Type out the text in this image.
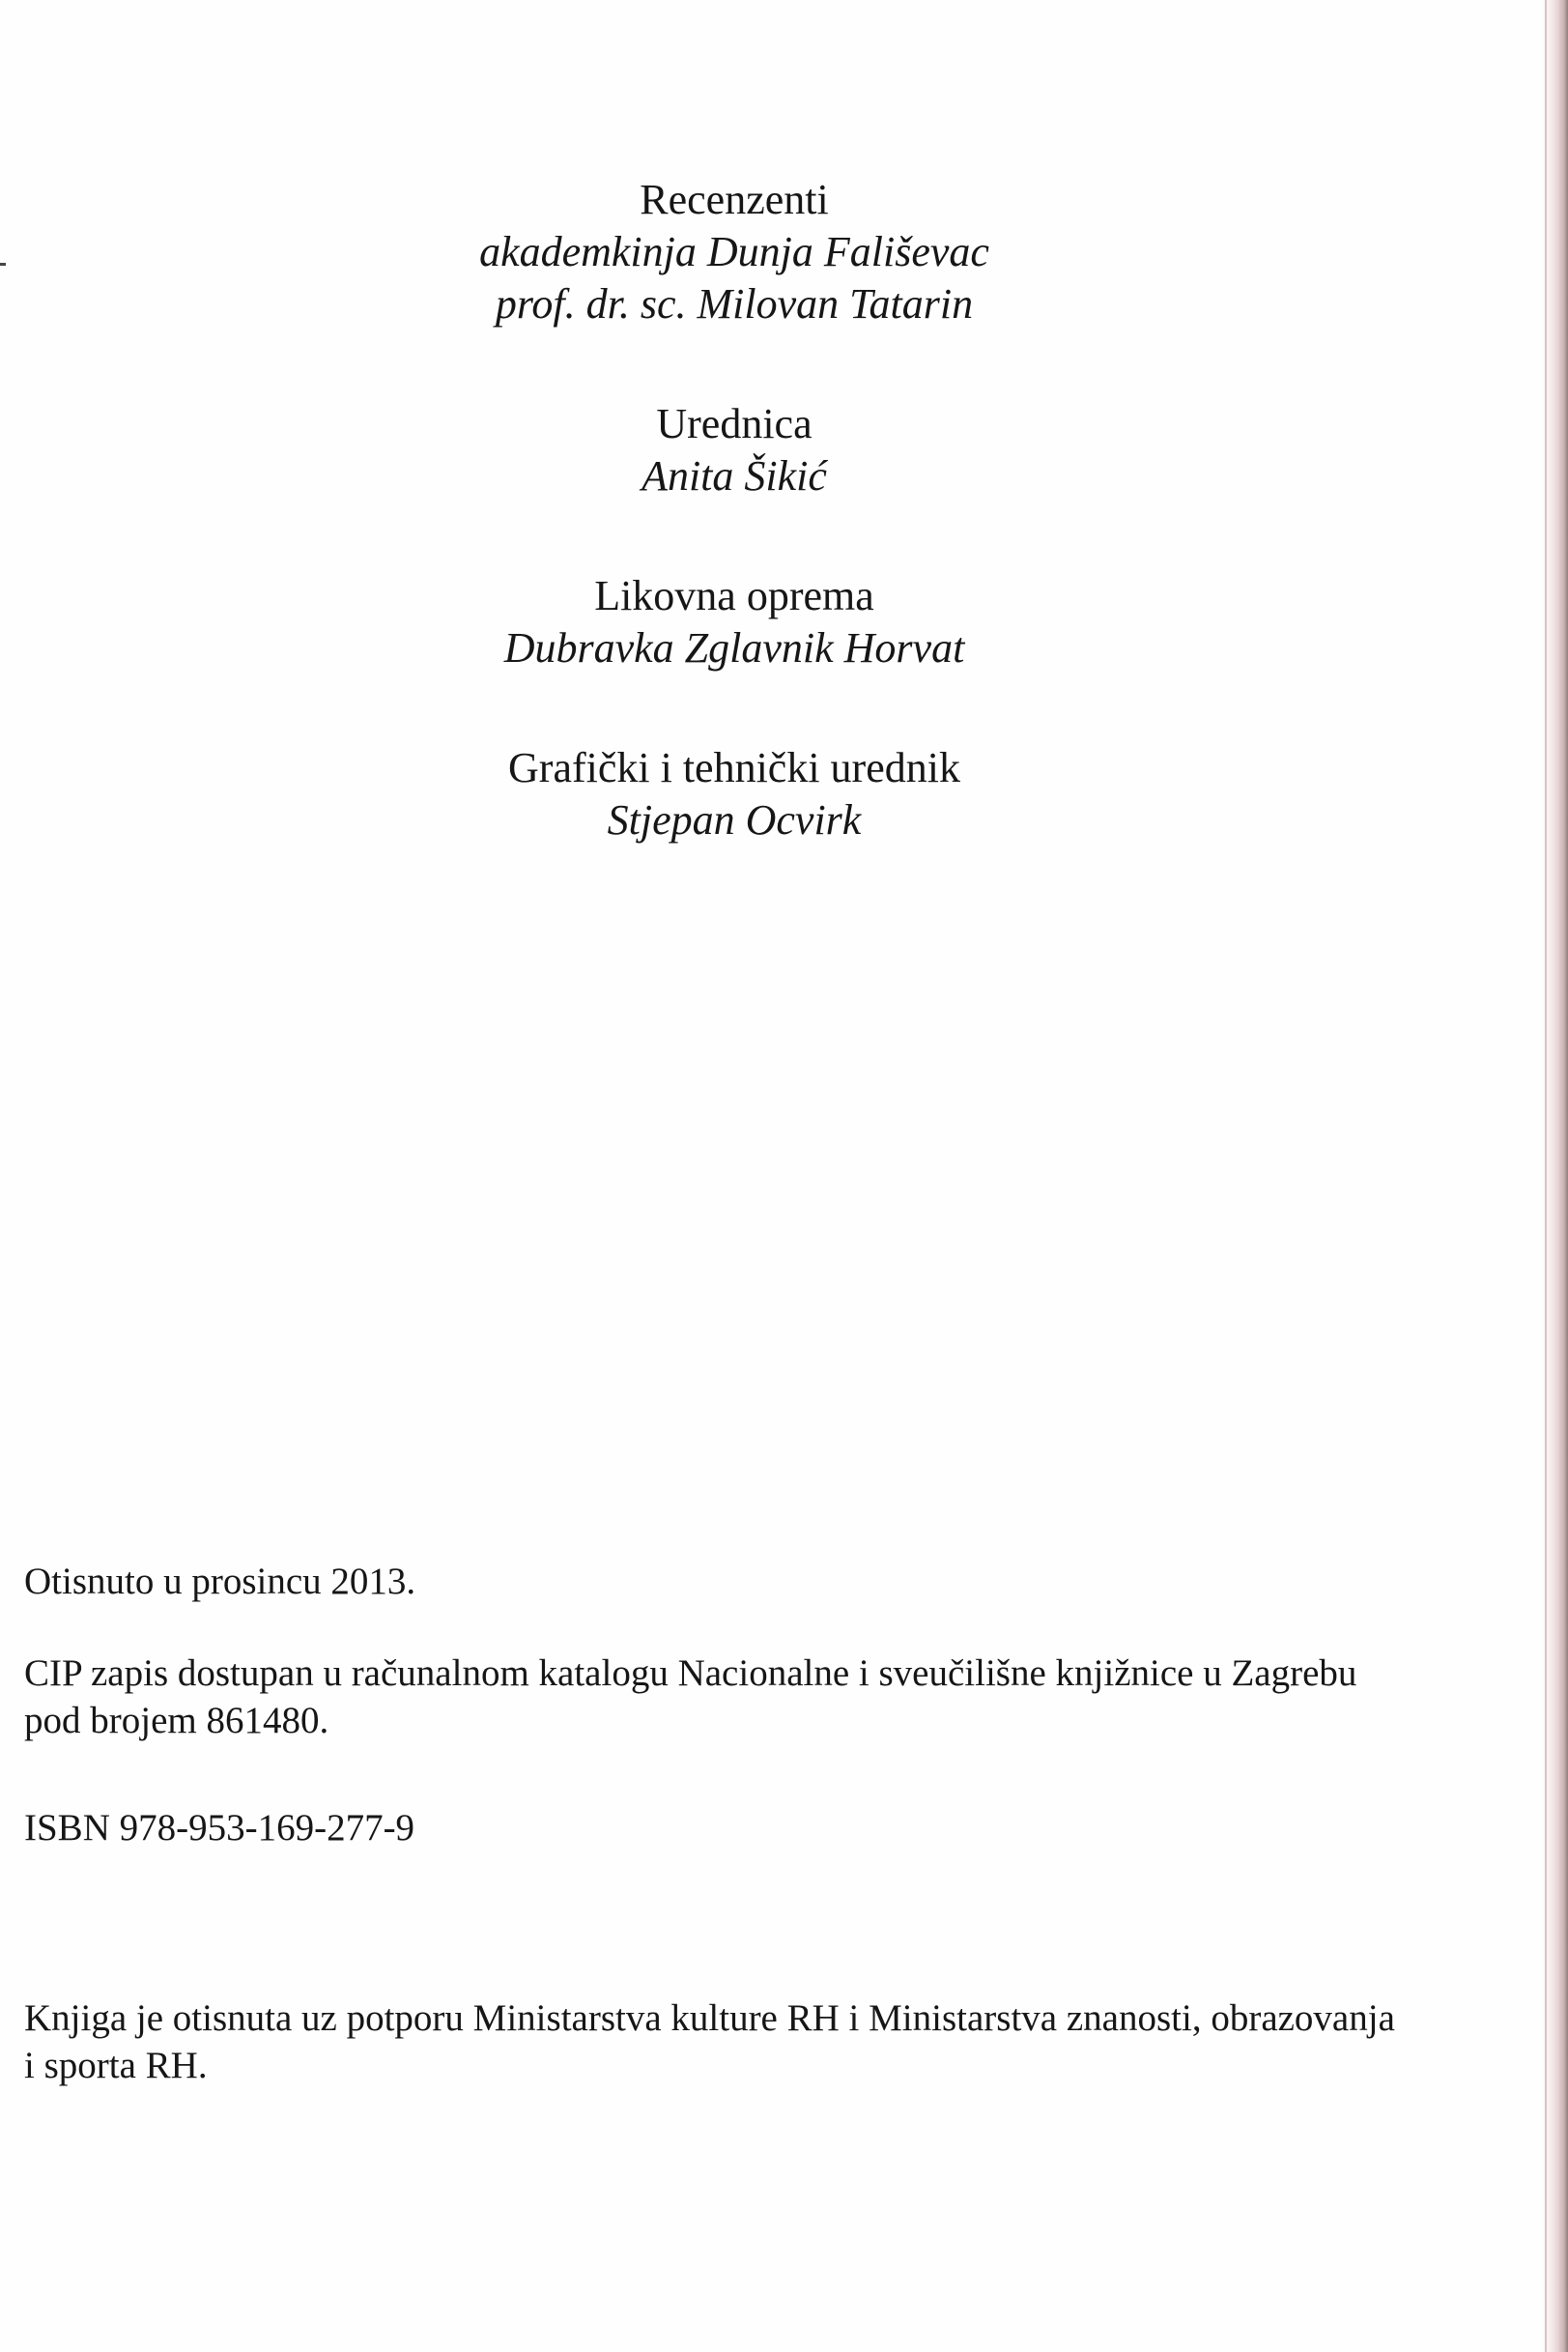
Recenzenti
akademkinja Dunja Fališevac
prof. dr. sc. Milovan Tatarin
Urednica
Anita Šikić
Likovna oprema
Dubravka Zglavnik Horvat
Grafički i tehnički urednik
Stjepan Ocvirk
Otisnuto u prosincu 2013.
CIP zapis dostupan u računalnom katalogu Nacionalne i sveučilišne knjižnice u Zagrebu
pod brojem 861480.
ISBN 978-953-169-277-9
Knjiga je otisnuta uz potporu Ministarstva kulture RH i Ministarstva znanosti, obrazovanja
i sporta RH.
